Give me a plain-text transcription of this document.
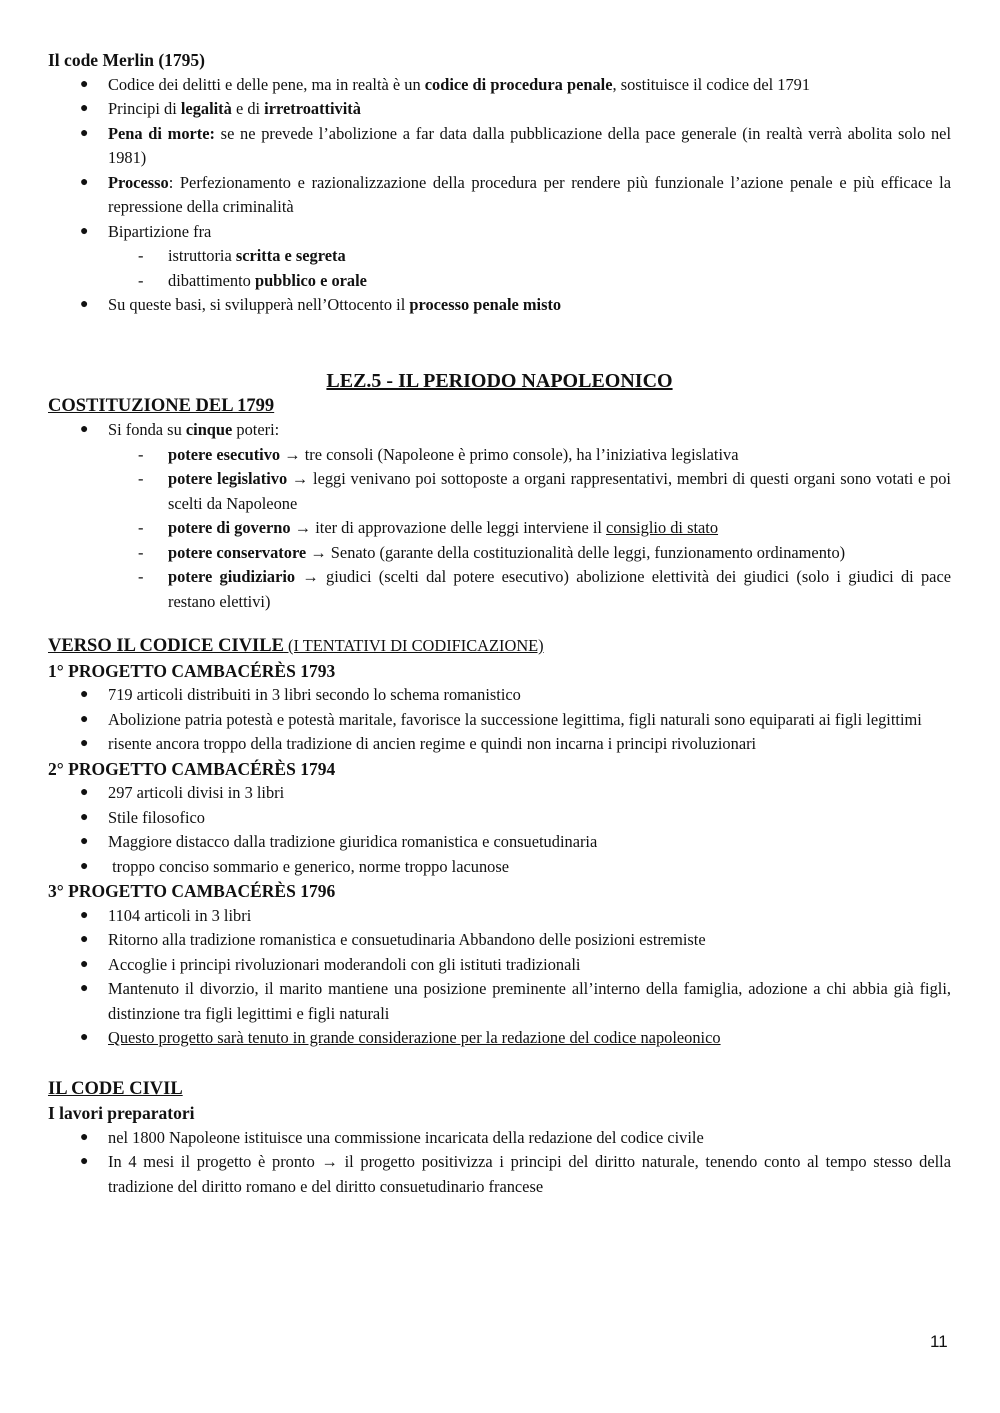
Il code Merlin (1795)
● Codice dei delitti e delle pene, ma in realtà è un codice di procedura penale, sostituisce il codice del 1791
● Principi di legalità e di irretroattività
● Pena di morte: se ne prevede l’abolizione a far data dalla pubblicazione della pace generale (in realtà verrà abolita solo nel 1981)
● Processo: Perfezionamento e razionalizzazione della procedura per rendere più funzionale l’azione penale e più efficace la repressione della criminalità
● Bipartizione fra
- istruttoria scritta e segreta
- dibattimento pubblico e orale
● Su queste basi, si svilupperà nell’Ottocento il processo penale misto
LEZ.5 - IL PERIODO NAPOLEONICO
COSTITUZIONE DEL 1799
● Si fonda su cinque poteri:
- potere esecutivo → tre consoli (Napoleone è primo console), ha l’iniziativa legislativa
- potere legislativo → leggi venivano poi sottoposte a organi rappresentativi, membri di questi organi sono votati e poi scelti da Napoleone
- potere di governo → iter di approvazione delle leggi interviene il consiglio di stato
- potere conservatore → Senato (garante della costituzionalità delle leggi, funzionamento ordinamento)
- potere giudiziario → giudici (scelti dal potere esecutivo) abolizione elettività dei giudici (solo i giudici di pace restano elettivi)
VERSO IL CODICE CIVILE (I TENTATIVI DI CODIFICAZIONE)
1° PROGETTO CAMBACÉRÈS 1793
● 719 articoli distribuiti in 3 libri secondo lo schema romanistico
● Abolizione patria potestà e potestà maritale, favorisce la successione legittima, figli naturali sono equiparati ai figli legittimi
● risente ancora troppo della tradizione di ancien regime e quindi non incarna i principi rivoluzionari
2° PROGETTO CAMBACÉRÈS 1794
● 297 articoli divisi in 3 libri
● Stile filosofico
● Maggiore distacco dalla tradizione giuridica romanistica e consuetudinaria
●  troppo conciso sommario e generico, norme troppo lacunose
3° PROGETTO CAMBACÉRÈS 1796
● 1104 articoli in 3 libri
● Ritorno alla tradizione romanistica e consuetudinaria Abbandono delle posizioni estremiste
● Accoglie i principi rivoluzionari moderandoli con gli istituti tradizionali
● Mantenuto il divorzio, il marito mantiene una posizione preminente all’interno della famiglia, adozione a chi abbia già figli, distinzione tra figli legittimi e figli naturali
● Questo progetto sarà tenuto in grande considerazione per la redazione del codice napoleonico
IL CODE CIVIL
I lavori preparatori
● nel 1800 Napoleone istituisce una commissione incaricata della redazione del codice civile
● In 4 mesi il progetto è pronto → il progetto positivizza i principi del diritto naturale, tenendo conto al tempo stesso della tradizione del diritto romano e del diritto consuetudinario francese
11
